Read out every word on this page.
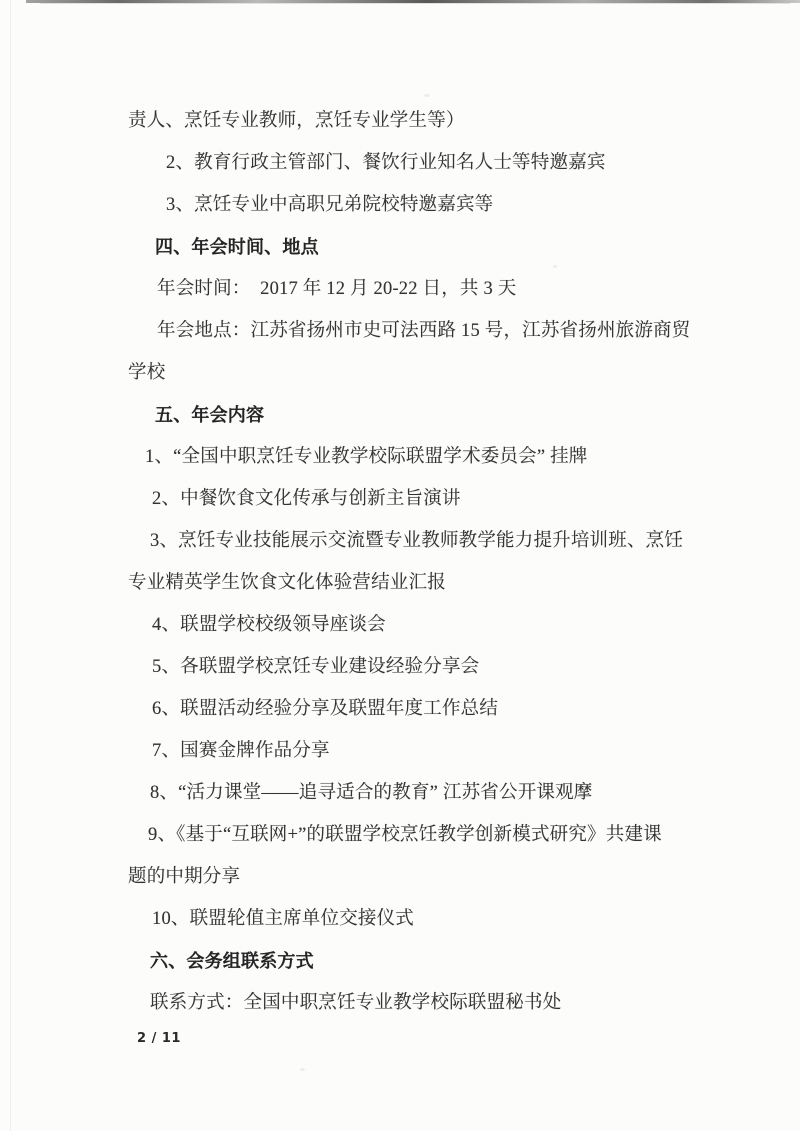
责人、烹饪专业教师，烹饪专业学生等）
2、教育行政主管部门、餐饮行业知名人士等特邀嘉宾
3、烹饪专业中高职兄弟院校特邀嘉宾等
四、年会时间、地点
年会时间：  2017 年 12 月 20-22 日，共 3 天
年会地点：江苏省扬州市史可法西路 15 号，江苏省扬州旅游商贸
学校
五、年会内容
1、“全国中职烹饪专业教学校际联盟学术委员会” 挂牌
2、中餐饮食文化传承与创新主旨演讲
3、烹饪专业技能展示交流暨专业教师教学能力提升培训班、烹饪
专业精英学生饮食文化体验营结业汇报
4、联盟学校校级领导座谈会
5、各联盟学校烹饪专业建设经验分享会
6、联盟活动经验分享及联盟年度工作总结
7、国赛金牌作品分享
8、“活力课堂——追寻适合的教育” 江苏省公开课观摩
9、《基于“互联网+”的联盟学校烹饪教学创新模式研究》共建课
题的中期分享
10、联盟轮值主席单位交接仪式
六、会务组联系方式
联系方式：全国中职烹饪专业教学校际联盟秘书处
2 / 11
